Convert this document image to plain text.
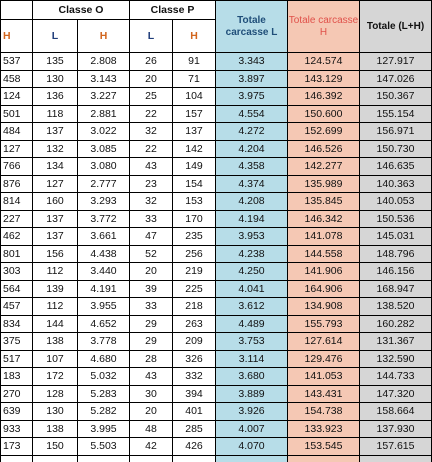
	Classe O		Classe P		Totale carcasse L	Totale carcasse H	Totale (L+H)
H	L	H	L	H			
537	135	2.808	26	91	3.343	124.574	127.917
458	130	3.143	20	71	3.897	143.129	147.026
124	136	3.227	25	104	3.975	146.392	150.367
501	118	2.881	22	157	4.554	150.600	155.154
484	137	3.022	32	137	4.272	152.699	156.971
127	132	3.085	22	142	4.204	146.526	150.730
766	134	3.080	43	149	4.358	142.277	146.635
876	127	2.777	23	154	4.374	135.989	140.363
814	160	3.293	32	153	4.208	135.845	140.053
227	137	3.772	33	170	4.194	146.342	150.536
462	137	3.661	47	235	3.953	141.078	145.031
801	156	4.438	52	256	4.238	144.558	148.796
303	112	3.440	20	219	4.250	141.906	146.156
564	139	4.191	39	225	4.041	164.906	168.947
457	112	3.955	33	218	3.612	134.908	138.520
834	144	4.652	29	263	4.489	155.793	160.282
375	138	3.778	29	209	3.753	127.614	131.367
517	107	4.680	28	326	3.114	129.476	132.590
183	172	5.032	43	332	3.680	141.053	144.733
270	128	5.283	30	394	3.889	143.431	147.320
639	130	5.282	20	401	3.926	154.738	158.664
933	138	3.995	48	285	4.007	133.923	137.930
173	150	5.503	42	426	4.070	153.545	157.615
